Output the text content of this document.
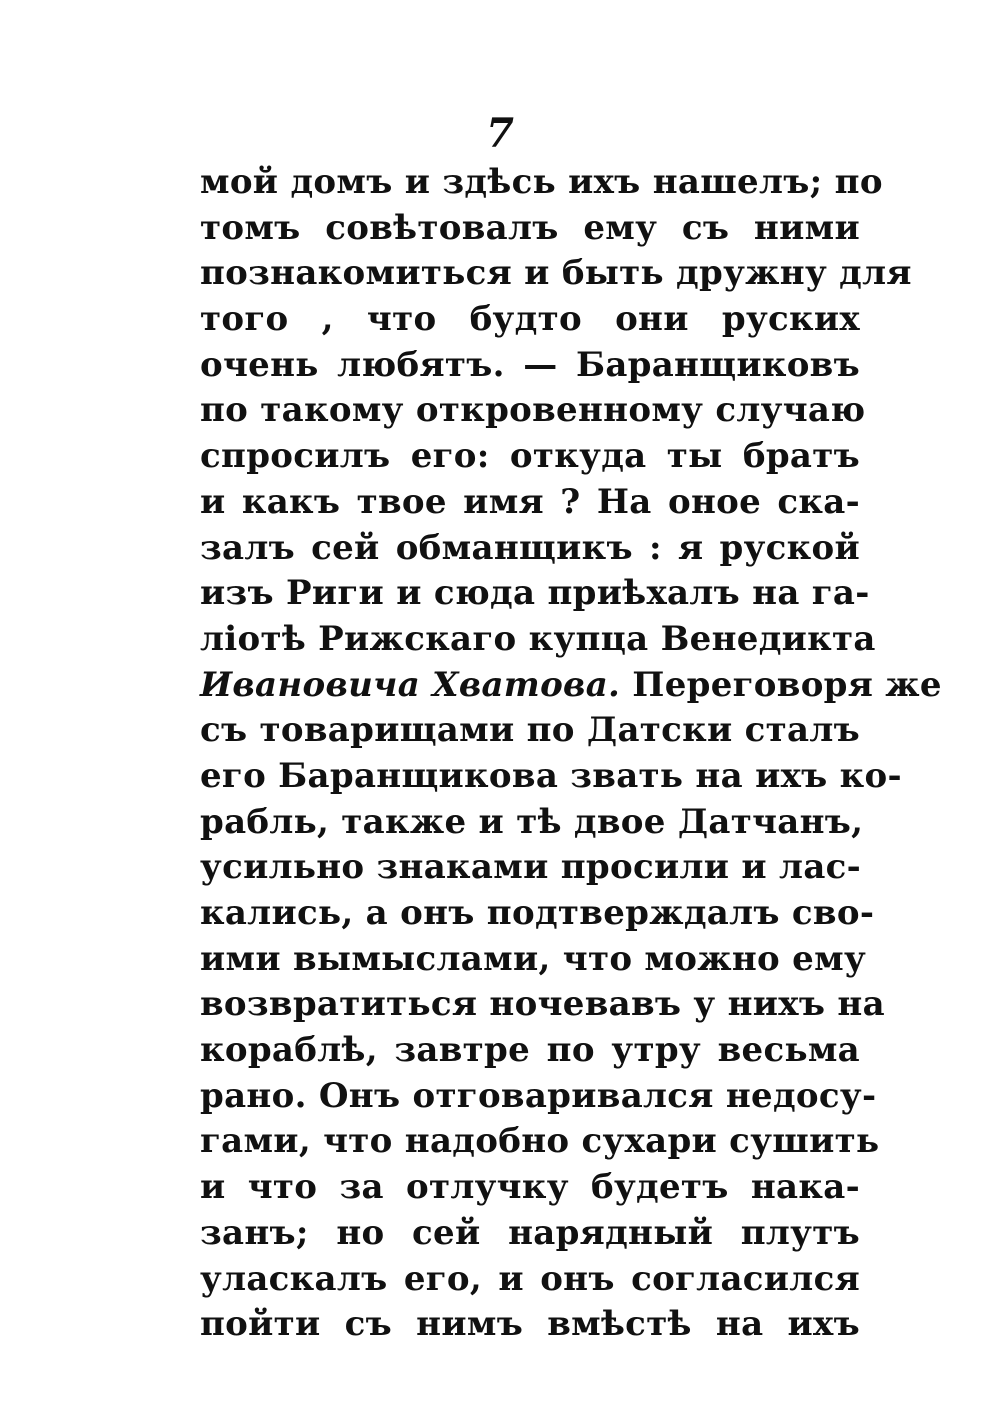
7
мой домъ и здѣсь ихъ нашелъ; по
томъ совѣтовалъ ему съ ними
познакомиться и быть дружну для
того , что будто они руских
очень любятъ. — Баранщиковъ
по такому откровенному случаю
спросилъ его: откуда ты братъ
и какъ твое имя ? На оное ска-
залъ сей обманщикъ : я руской
изъ Риги и сюда приѣхалъ на га-
ліотѣ Рижскаго купца Венедикта
Ивановича Хватова. Переговоря же
съ товарищами по Датски сталъ
его Баранщикова звать на ихъ ко-
рабль, также и тѣ двое Датчанъ,
усильно знаками просили и лас-
кались, а онъ подтверждалъ сво-
ими вымыслами, что можно ему
возвратиться ночевавъ у нихъ на
кораблѣ, завтре по утру весьма
рано. Онъ отговаривался недосу-
гами, что надобно сухари сушить
и что за отлучку будетъ нака-
занъ; но сей нарядный плутъ
уласкалъ его, и онъ согласился
пойти съ нимъ вмѣстѣ на ихъ
